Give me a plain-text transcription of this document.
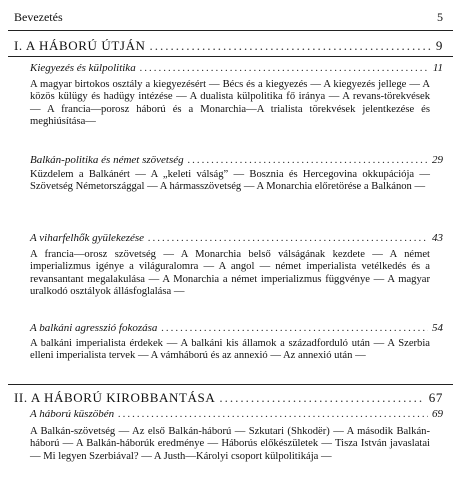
Bevezetés	5
I. A HÁBORÚ ÚTJÁN .....	9
Kiegyezés és külpolitika .....	11
A magyar birtokos osztály a kiegyezésért — Bécs és a kiegyezés — A kiegyezés jellege — A közös külügy és hadügy intézése — A dualista külpolitika fő iránya — A revans-törekvések — A francia—porosz háború és a Monarchia—A trialista törekvések jelentkezése és meghiúsítása—
Balkán-politika és német szövetség .....	29
Küzdelem a Balkánért — A „keleti válság” — Bosznia és Hercegovina okkupációja — Szövetség Németországgal — A hármasszövetség — A Monarchia előretörése a Balkánon —
A viharfelhők gyülekezése .....	43
A francia—orosz szövetség — A Monarchia belső válságának kezdete — A német imperializmus igénye a világuralomra — A angol — német imperialista vetélkedés és a revansantant megalakulása — A Monarchia a német imperializmus függvénye — A magyar uralkodó osztályok állásfoglalása —
A balkáni agresszió fokozása .....	54
A balkáni imperialista érdekek — A balkáni kis államok a századforduló után — A Szerbia elleni imperialista tervek — A vámháború és az annexió — Az annexió után —
II. A HÁBORÚ KIROBBANTÁSA .....	67
A háború küszöbén .....	69
A Balkán-szövetség — Az első Balkán-háború — Szkutari (Shkodër) — A második Balkán-háború — A Balkán-háborúk eredménye — Háborús előkészületek — Tisza István javaslatai — Mi legyen Szerbiával? — A Justh—Károlyi csoport külpolitikája —
